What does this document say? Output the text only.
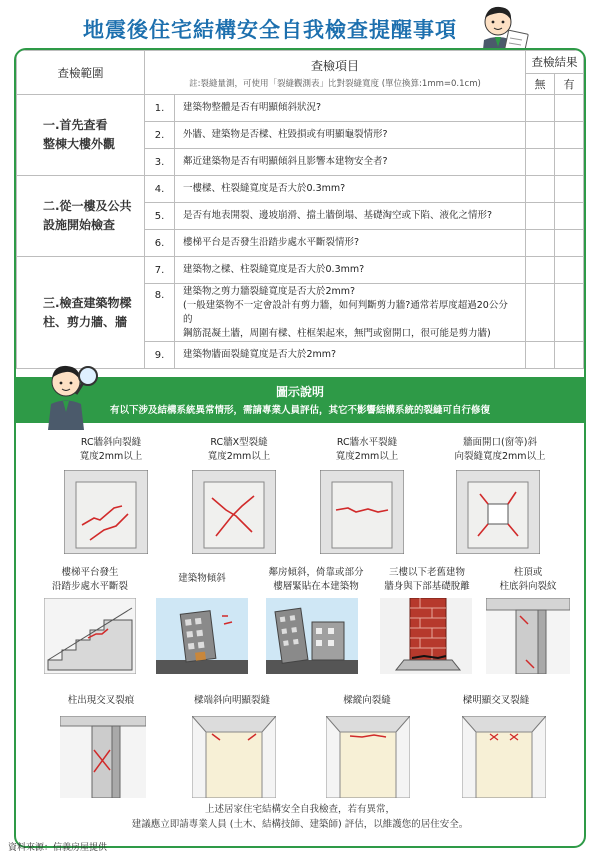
地震後住宅結構安全自我檢查提醒事項
查檢範圍	查檢項目
註:裂縫量測，可使用「裂縫觀測表」比對裂縫寬度 (單位換算:1mm=0.1cm)		查檢結果	
			無	有

一.首先查看
整棟大樓外觀	1.	建築物整體是否有明顯傾斜狀況?		

	2.	外牆、建築物是否樑、柱毀損或有明顯龜裂情形?		

	3.	鄰近建築物是否有明顯傾斜且影響本建物安全者?		

二.從一樓及公共
設施開始檢查	4.	一樓樑、柱裂縫寬度是否大於0.3mm?		

	5.	是否有地表開裂、邊坡崩滑、擋土牆倒塌、基礎淘空或下陷、液化之情形?		

	6.	樓梯平台是否發生沿踏步處水平斷裂情形?		

三.檢查建築物樑
柱、剪力牆、牆	7.	建築物之樑、柱裂縫寬度是否大於0.3mm?		

	8.	建築物之剪力牆裂縫寬度是否大於2mm?
(一般建築物不一定會設計有剪力牆，如何判斷剪力牆?通常若厚度超過20公分的
鋼筋混凝土牆，周圍有樑、柱框架起來，無門或窗開口，很可能是剪力牆)		

	9.	建築物牆面裂縫寬度是否大於2mm?		

圖示說明
有以下涉及結構系統異常情形，需請專業人員評估，其它不影響結構系統的裂縫可自行修復
RC牆斜向裂縫
寬度2mm以上
RC牆X型裂縫
寬度2mm以上
RC牆水平裂縫
寬度2mm以上
牆面開口(窗等)斜
向裂縫寬度2mm以上
樓梯平台發生
沿踏步處水平斷裂
建築物傾斜
鄰房傾斜，倚靠或部分
樓層緊貼在本建築物
三樓以下老舊建物
牆身與下部基礎脫離
柱頂或
柱底斜向裂紋
柱出現交叉裂痕	樑端斜向明顯裂縫	樑縱向裂縫	樑明顯交叉裂縫
上述居家住宅結構安全自我檢查，若有異常，
建議應立即請專業人員 (土木、結構技師、建築師) 評估，以維護您的居住安全。
資料來源：信義房屋提供
